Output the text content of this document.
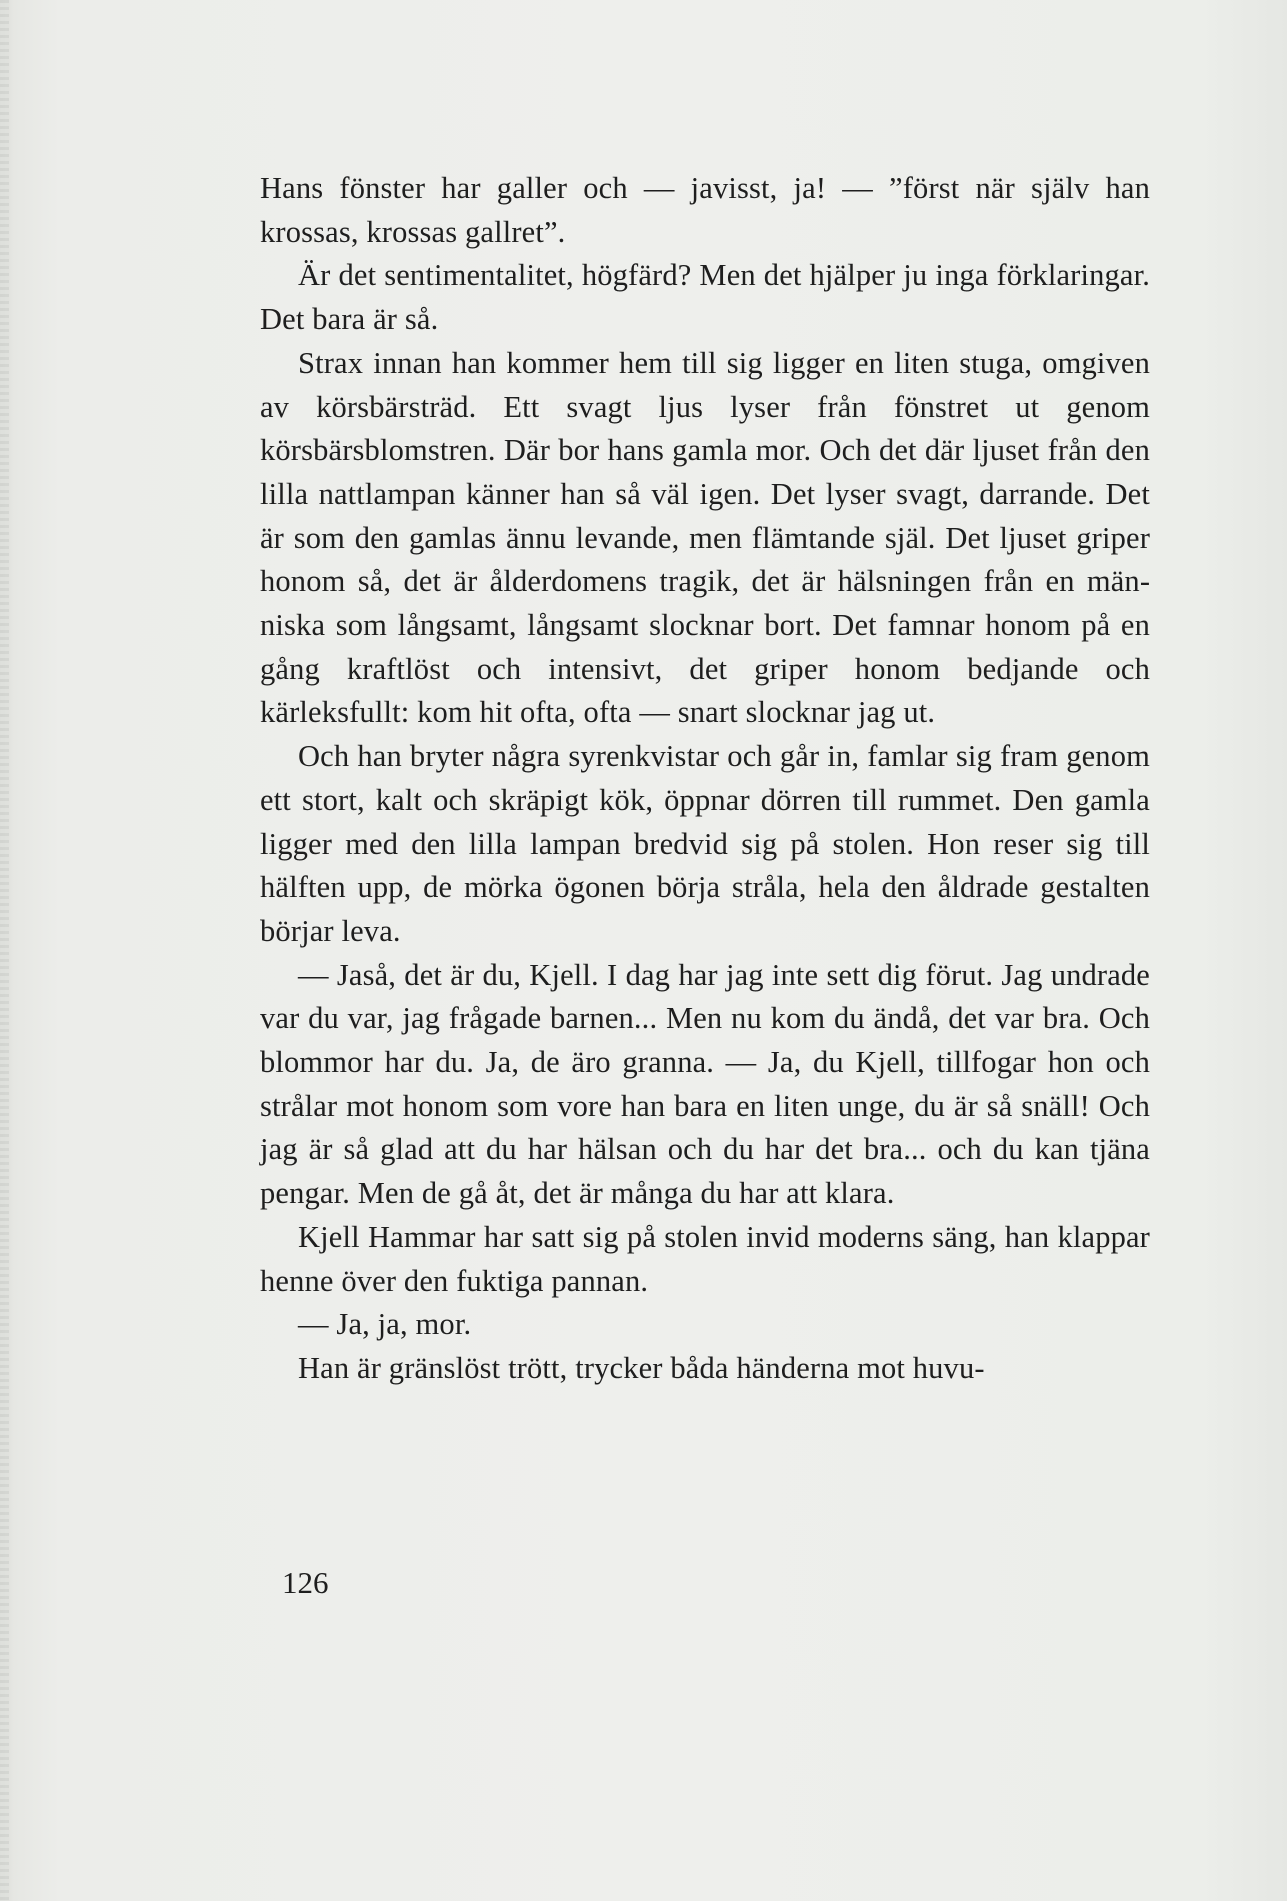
Hans fönster har galler och — javisst, ja! — ”först när själv han krossas, krossas gallret”.

Är det sentimentalitet, högfärd? Men det hjälper ju inga förklaringar. Det bara är så.

Strax innan han kommer hem till sig ligger en liten stuga, omgiven av körsbärsträd. Ett svagt ljus lyser från fönstret ut genom körsbärsblomstren. Där bor hans gamla mor. Och det där ljuset från den lilla nattlampan känner han så väl igen. Det lyser svagt, darrande. Det är som den gamlas ännu levande, men flämtande själ. Det ljuset griper honom så, det är ålderdomens tragik, det är hälsningen från en människa som långsamt, långsamt slocknar bort. Det famnar honom på en gång kraftlöst och intensivt, det griper honom bedjande och kärleksfullt: kom hit ofta, ofta — snart slocknar jag ut.

Och han bryter några syrenkvistar och går in, famlar sig fram genom ett stort, kalt och skräpigt kök, öppnar dörren till rummet. Den gamla ligger med den lilla lampan bredvid sig på stolen. Hon reser sig till hälften upp, de mörka ögonen börja stråla, hela den åldrade gestalten börjar leva.

— Jaså, det är du, Kjell. I dag har jag inte sett dig förut. Jag undrade var du var, jag frågade barnen... Men nu kom du ändå, det var bra. Och blommor har du. Ja, de äro granna. — Ja, du Kjell, tillfogar hon och strålar mot honom som vore han bara en liten unge, du är så snäll! Och jag är så glad att du har hälsan och du har det bra... och du kan tjäna pengar. Men de gå åt, det är många du har att klara.

Kjell Hammar har satt sig på stolen invid moderns säng, han klappar henne över den fuktiga pannan.

— Ja, ja, mor.

Han är gränslöst trött, trycker båda händerna mot huvu-

126
